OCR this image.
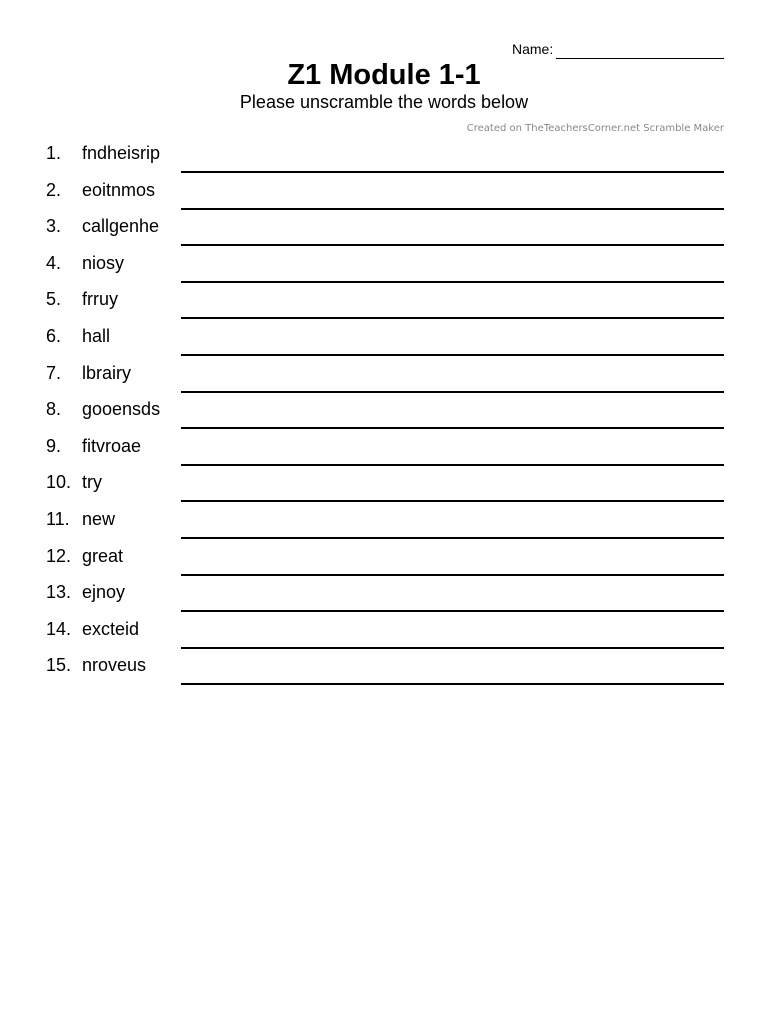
Name:
Z1 Module 1-1
Please unscramble the words below
Created on TheTeachersCorner.net Scramble Maker
1. fndheisrip
2. eoitnmos
3. callgenhe
4. niosy
5. frruy
6. hall
7. lbrairy
8. gooensds
9. fitvroae
10. try
11. new
12. great
13. ejnoy
14. excteid
15. nroveus
